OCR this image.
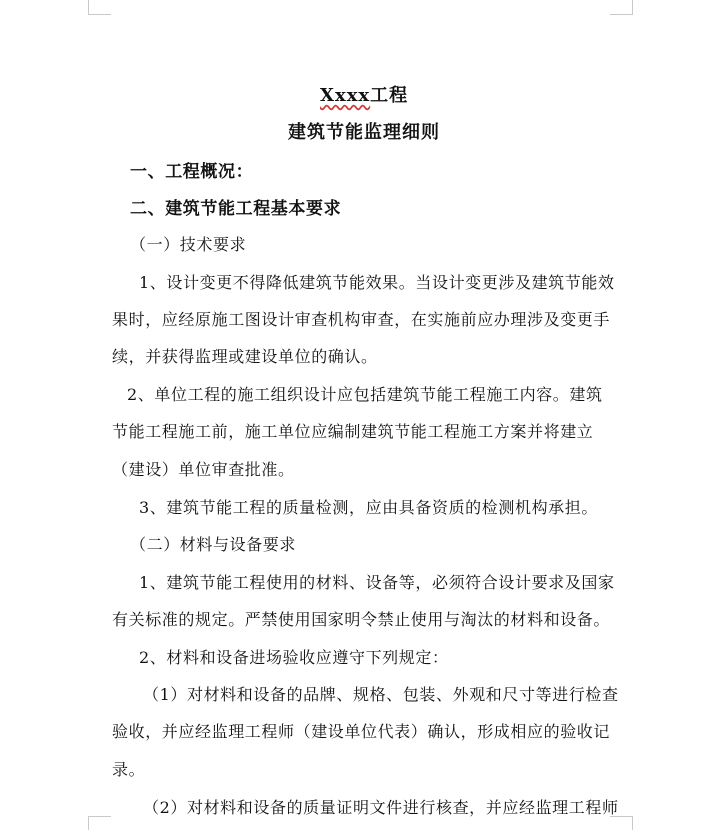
Xxxx工程
建筑节能监理细则
一、工程概况：
二、建筑节能工程基本要求
（一）技术要求
1、设计变更不得降低建筑节能效果。当设计变更涉及建筑节能效
果时，应经原施工图设计审查机构审查，在实施前应办理涉及变更手
续，并获得监理或建设单位的确认。
2、单位工程的施工组织设计应包括建筑节能工程施工内容。建筑
节能工程施工前，施工单位应编制建筑节能工程施工方案并将建立
（建设）单位审查批准。
3、建筑节能工程的质量检测，应由具备资质的检测机构承担。
（二）材料与设备要求
1、建筑节能工程使用的材料、设备等，必须符合设计要求及国家
有关标准的规定。严禁使用国家明令禁止使用与淘汰的材料和设备。
2、材料和设备进场验收应遵守下列规定：
（1）对材料和设备的品牌、规格、包装、外观和尺寸等进行检查
验收，并应经监理工程师（建设单位代表）确认，形成相应的验收记
录。
（2）对材料和设备的质量证明文件进行核查，并应经监理工程师
